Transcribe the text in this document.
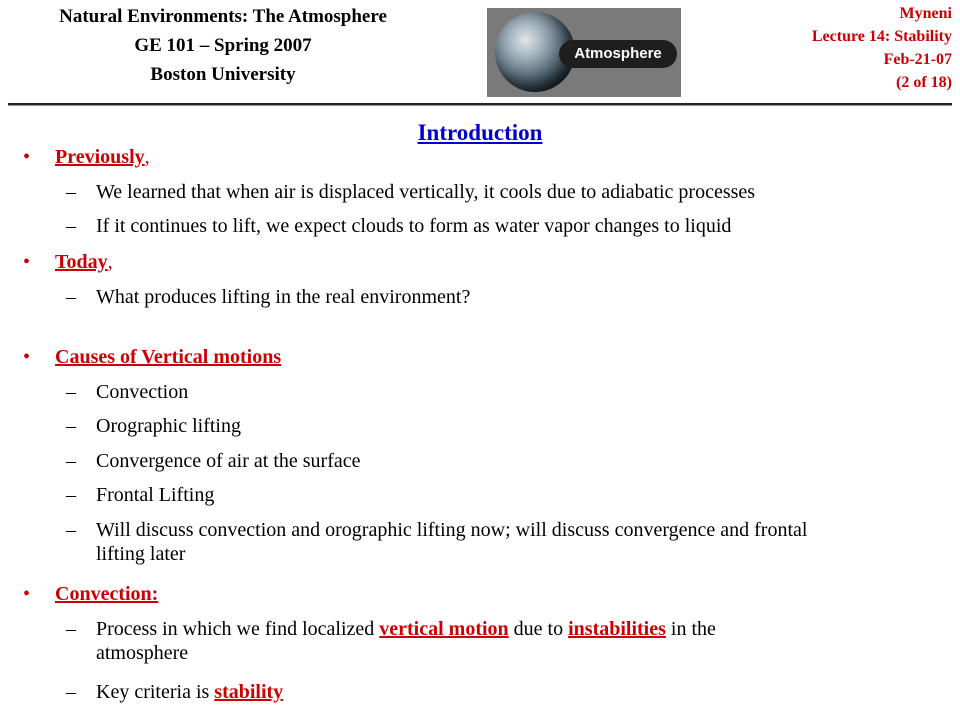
Natural Environments: The Atmosphere
GE 101 – Spring 2007
Boston University
Atmosphere
Myneni
Lecture 14: Stability
Feb-21-07
(2 of 18)
Introduction
• Previously,
– We learned that when air is displaced vertically, it cools due to adiabatic processes
– If it continues to lift, we expect clouds to form as water vapor changes to liquid
• Today,
– What produces lifting in the real environment?
• Causes of Vertical motions
– Convection
– Orographic lifting
– Convergence of air at the surface
– Frontal Lifting
– Will discuss convection and orographic lifting now; will discuss convergence and frontal
lifting later
• Convection:
– Process in which we find localized vertical motion due to instabilities in the
atmosphere
– Key criteria is stability
